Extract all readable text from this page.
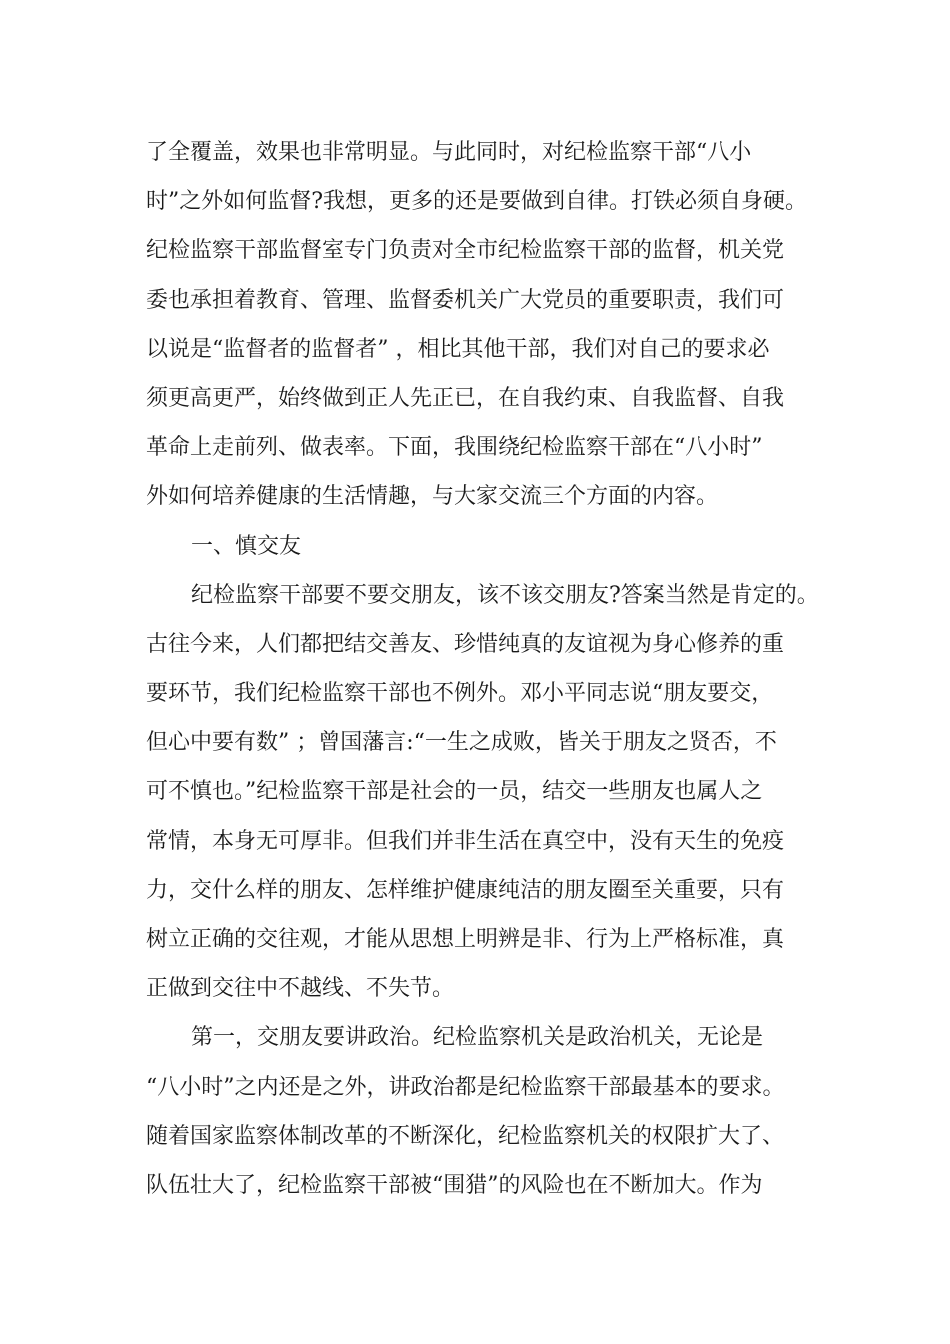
了全覆盖，效果也非常明显。与此同时，对纪检监察干部“八小
时”之外如何监督?我想，更多的还是要做到自律。打铁必须自身硬。
纪检监察干部监督室专门负责对全市纪检监察干部的监督，机关党
委也承担着教育、管理、监督委机关广大党员的重要职责，我们可
以说是“监督者的监督者” ，相比其他干部，我们对自己的要求必
须更高更严，始终做到正人先正已，在自我约束、自我监督、自我
革命上走前列、做表率。下面，我围绕纪检监察干部在“八小时”
外如何培养健康的生活情趣，与大家交流三个方面的内容。
一、慎交友
纪检监察干部要不要交朋友，该不该交朋友?答案当然是肯定的。
古往今来，人们都把结交善友、珍惜纯真的友谊视为身心修养的重
要环节，我们纪检监察干部也不例外。邓小平同志说“朋友要交，
但心中要有数” ；曾国藩言:“一生之成败，皆关于朋友之贤否，不
可不慎也。”纪检监察干部是社会的一员，结交一些朋友也属人之
常情，本身无可厚非。但我们并非生活在真空中，没有天生的免疫
力，交什么样的朋友、怎样维护健康纯洁的朋友圈至关重要，只有
树立正确的交往观，才能从思想上明辨是非、行为上严格标准，真
正做到交往中不越线、不失节。
第一，交朋友要讲政治。纪检监察机关是政治机关，无论是
“八小时”之内还是之外，讲政治都是纪检监察干部最基本的要求。
随着国家监察体制改革的不断深化，纪检监察机关的权限扩大了、
队伍壮大了，纪检监察干部被“围猎”的风险也在不断加大。作为
